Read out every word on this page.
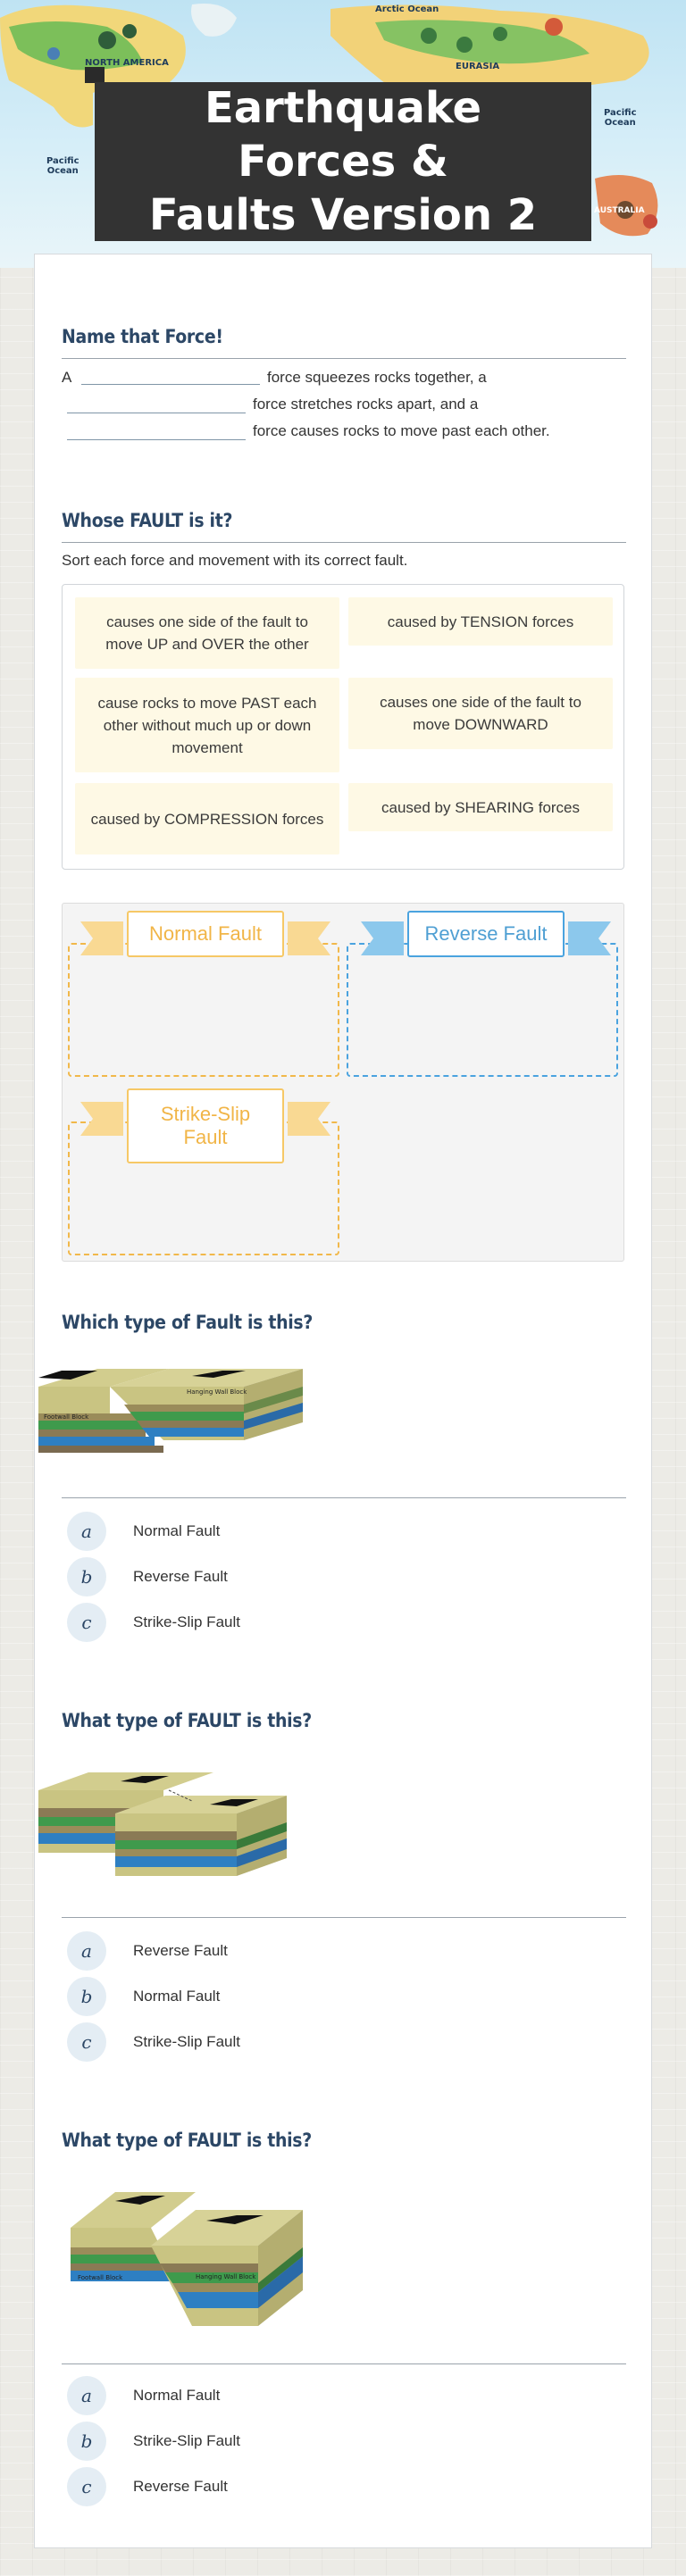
Arctic Ocean
NORTH AMERICA	EURASIA
Pacific
Ocean
Pacific
Ocean
AUSTRALIA
Earthquake Forces &
Faults Version 2
Name that Force!
A	force squeezes rocks together, a
force stretches rocks apart, and a
force causes rocks to move past each other.
Whose FAULT is it?
Sort each force and movement with its correct fault.
causes one side of the fault to move UP and OVER the other
caused by TENSION forces
cause rocks to move PAST each other without much up or down movement
causes one side of the fault to move DOWNWARD
caused by COMPRESSION forces
caused by SHEARING forces
Normal Fault	Reverse Fault
Strike-Slip
Fault
Which type of Fault is this?
Footwall Block
Hanging Wall Block
a	Normal Fault
b	Reverse Fault
c	Strike-Slip Fault
What type of FAULT is this?
a	Reverse Fault
b	Normal Fault
c	Strike-Slip Fault
What type of FAULT is this?
Footwall Block	Hanging Wall Block
a	Normal Fault
b	Strike-Slip Fault
c	Reverse Fault
